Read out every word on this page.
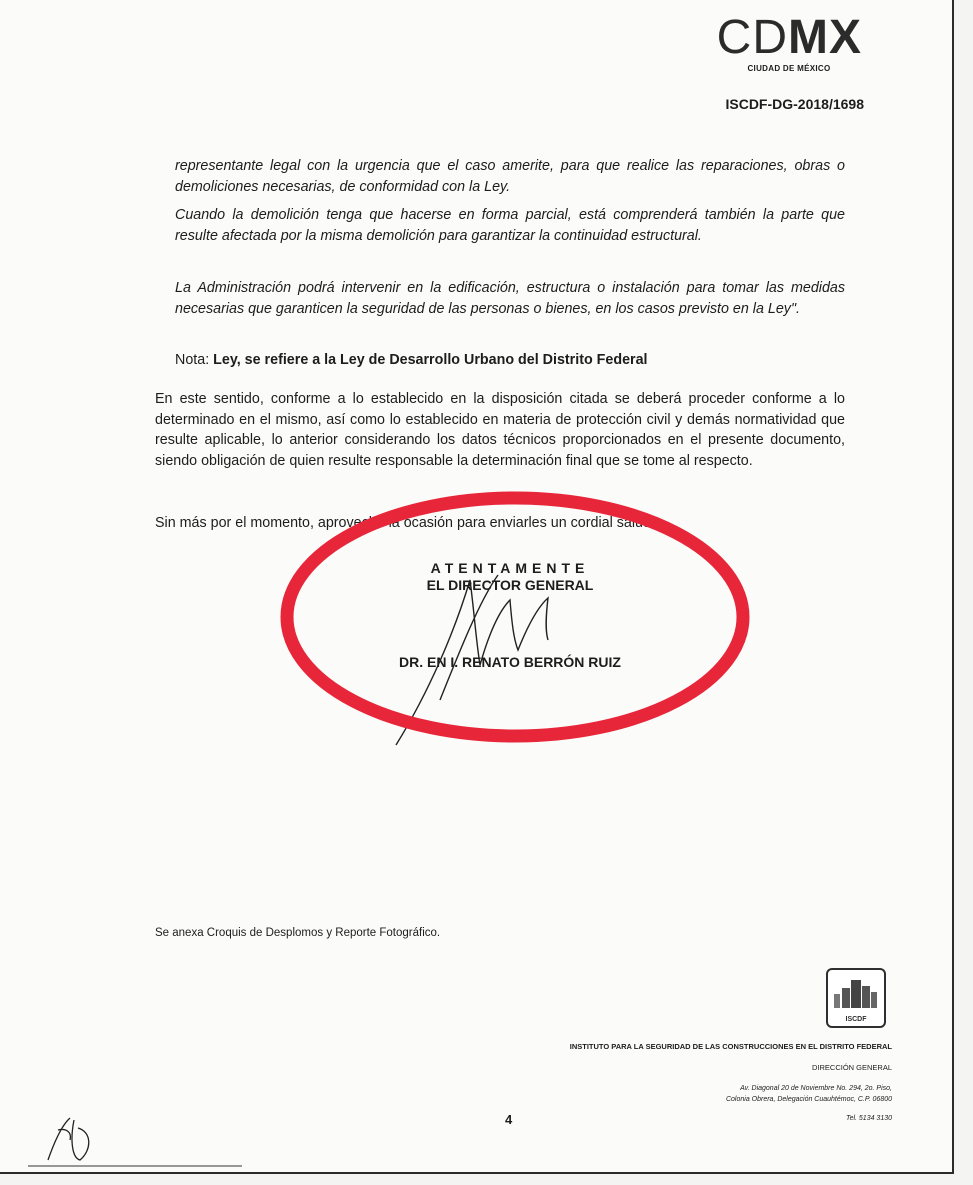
CDMX
CIUDAD DE MÉXICO
ISCDF-DG-2018/1698
representante legal con la urgencia que el caso amerite, para que realice las reparaciones, obras o demoliciones necesarias, de conformidad con la Ley.
Cuando la demolición tenga que hacerse en forma parcial, está comprenderá también la parte que resulte afectada por la misma demolición para garantizar la continuidad estructural.
La Administración podrá intervenir en la edificación, estructura o instalación para tomar las medidas necesarias que garanticen la seguridad de las personas o bienes, en los casos previsto en la Ley".
Nota: Ley, se refiere a la Ley de Desarrollo Urbano del Distrito Federal
En este sentido, conforme a lo establecido en la disposición citada se deberá proceder conforme a lo determinado en el mismo, así como lo establecido en materia de protección civil y demás normatividad que resulte aplicable, lo anterior considerando los datos técnicos proporcionados en el presente documento, siendo obligación de quien resulte responsable la determinación final que se tome al respecto.
Sin más por el momento, aprovecho la ocasión para enviarles un cordial saludo.
ATENTAMENTE
EL DIRECTOR GENERAL
DR. EN I. RENATO BERRÓN RUIZ
Se anexa Croquis de Desplomos y Reporte Fotográfico.
ISCDF
INSTITUTO PARA LA SEGURIDAD DE LAS CONSTRUCCIONES EN EL DISTRITO FEDERAL
DIRECCIÓN GENERAL
Av. Diagonal 20 de Noviembre No. 294, 2o. Piso,
Colonia Obrera, Delegación Cuauhtémoc, C.P. 06800
Tel. 5134 3130
4
